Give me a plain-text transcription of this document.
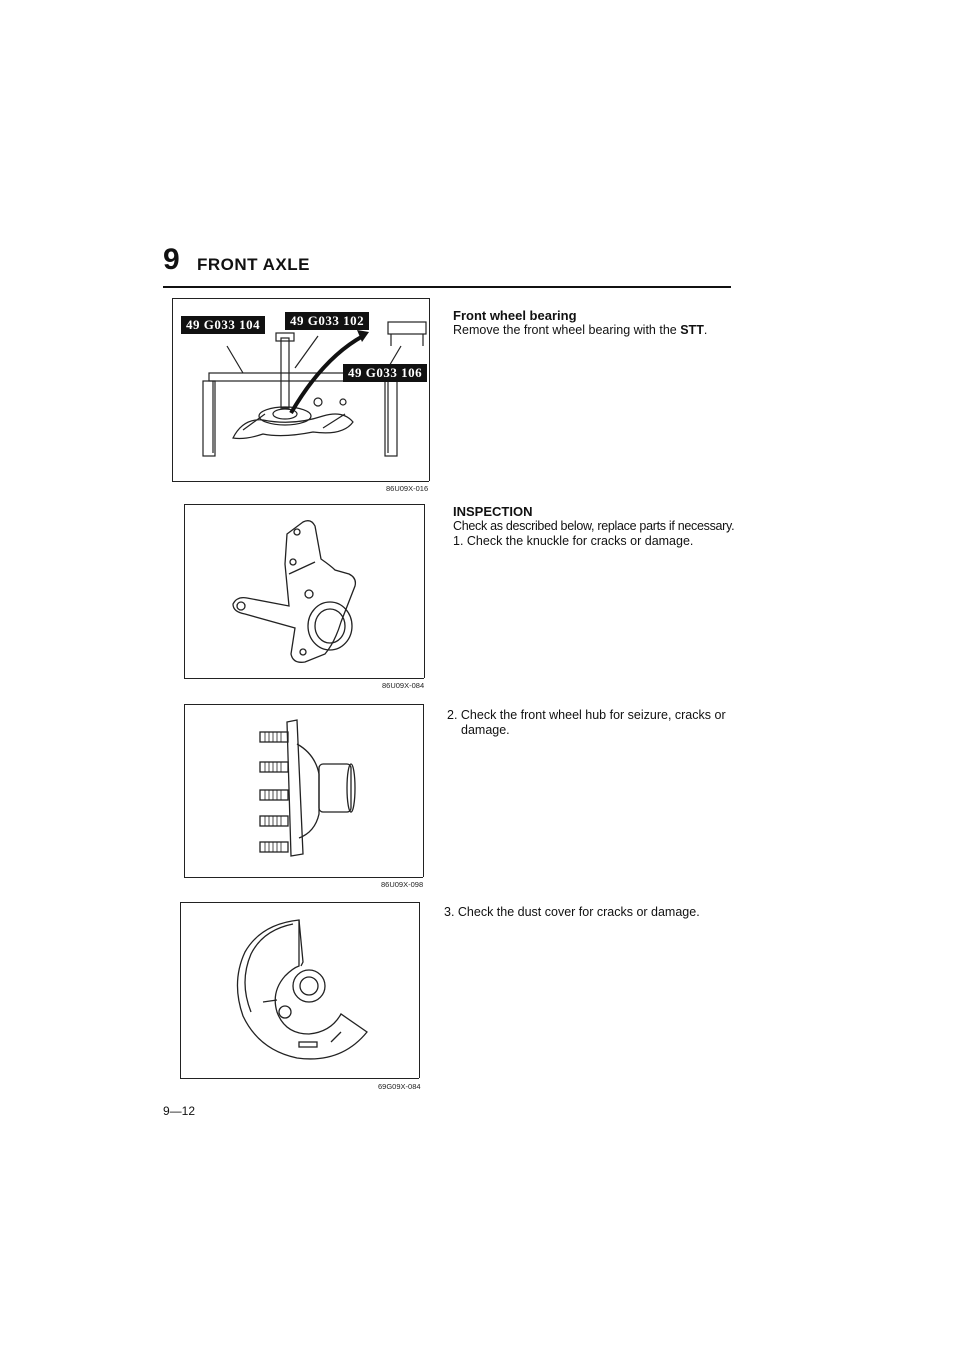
9 FRONT AXLE
49 G033 104	49 G033 102
49 G033 106
86U09X-016
86U09X-084
86U09X-098
69G09X-084
Front wheel bearing
Remove the front wheel bearing with the STT.
INSPECTION
Check as described below, replace parts if necessary.
1. Check the knuckle for cracks or damage.
2. Check the front wheel hub for seizure, cracks or
damage.
3. Check the dust cover for cracks or damage.
9—12
